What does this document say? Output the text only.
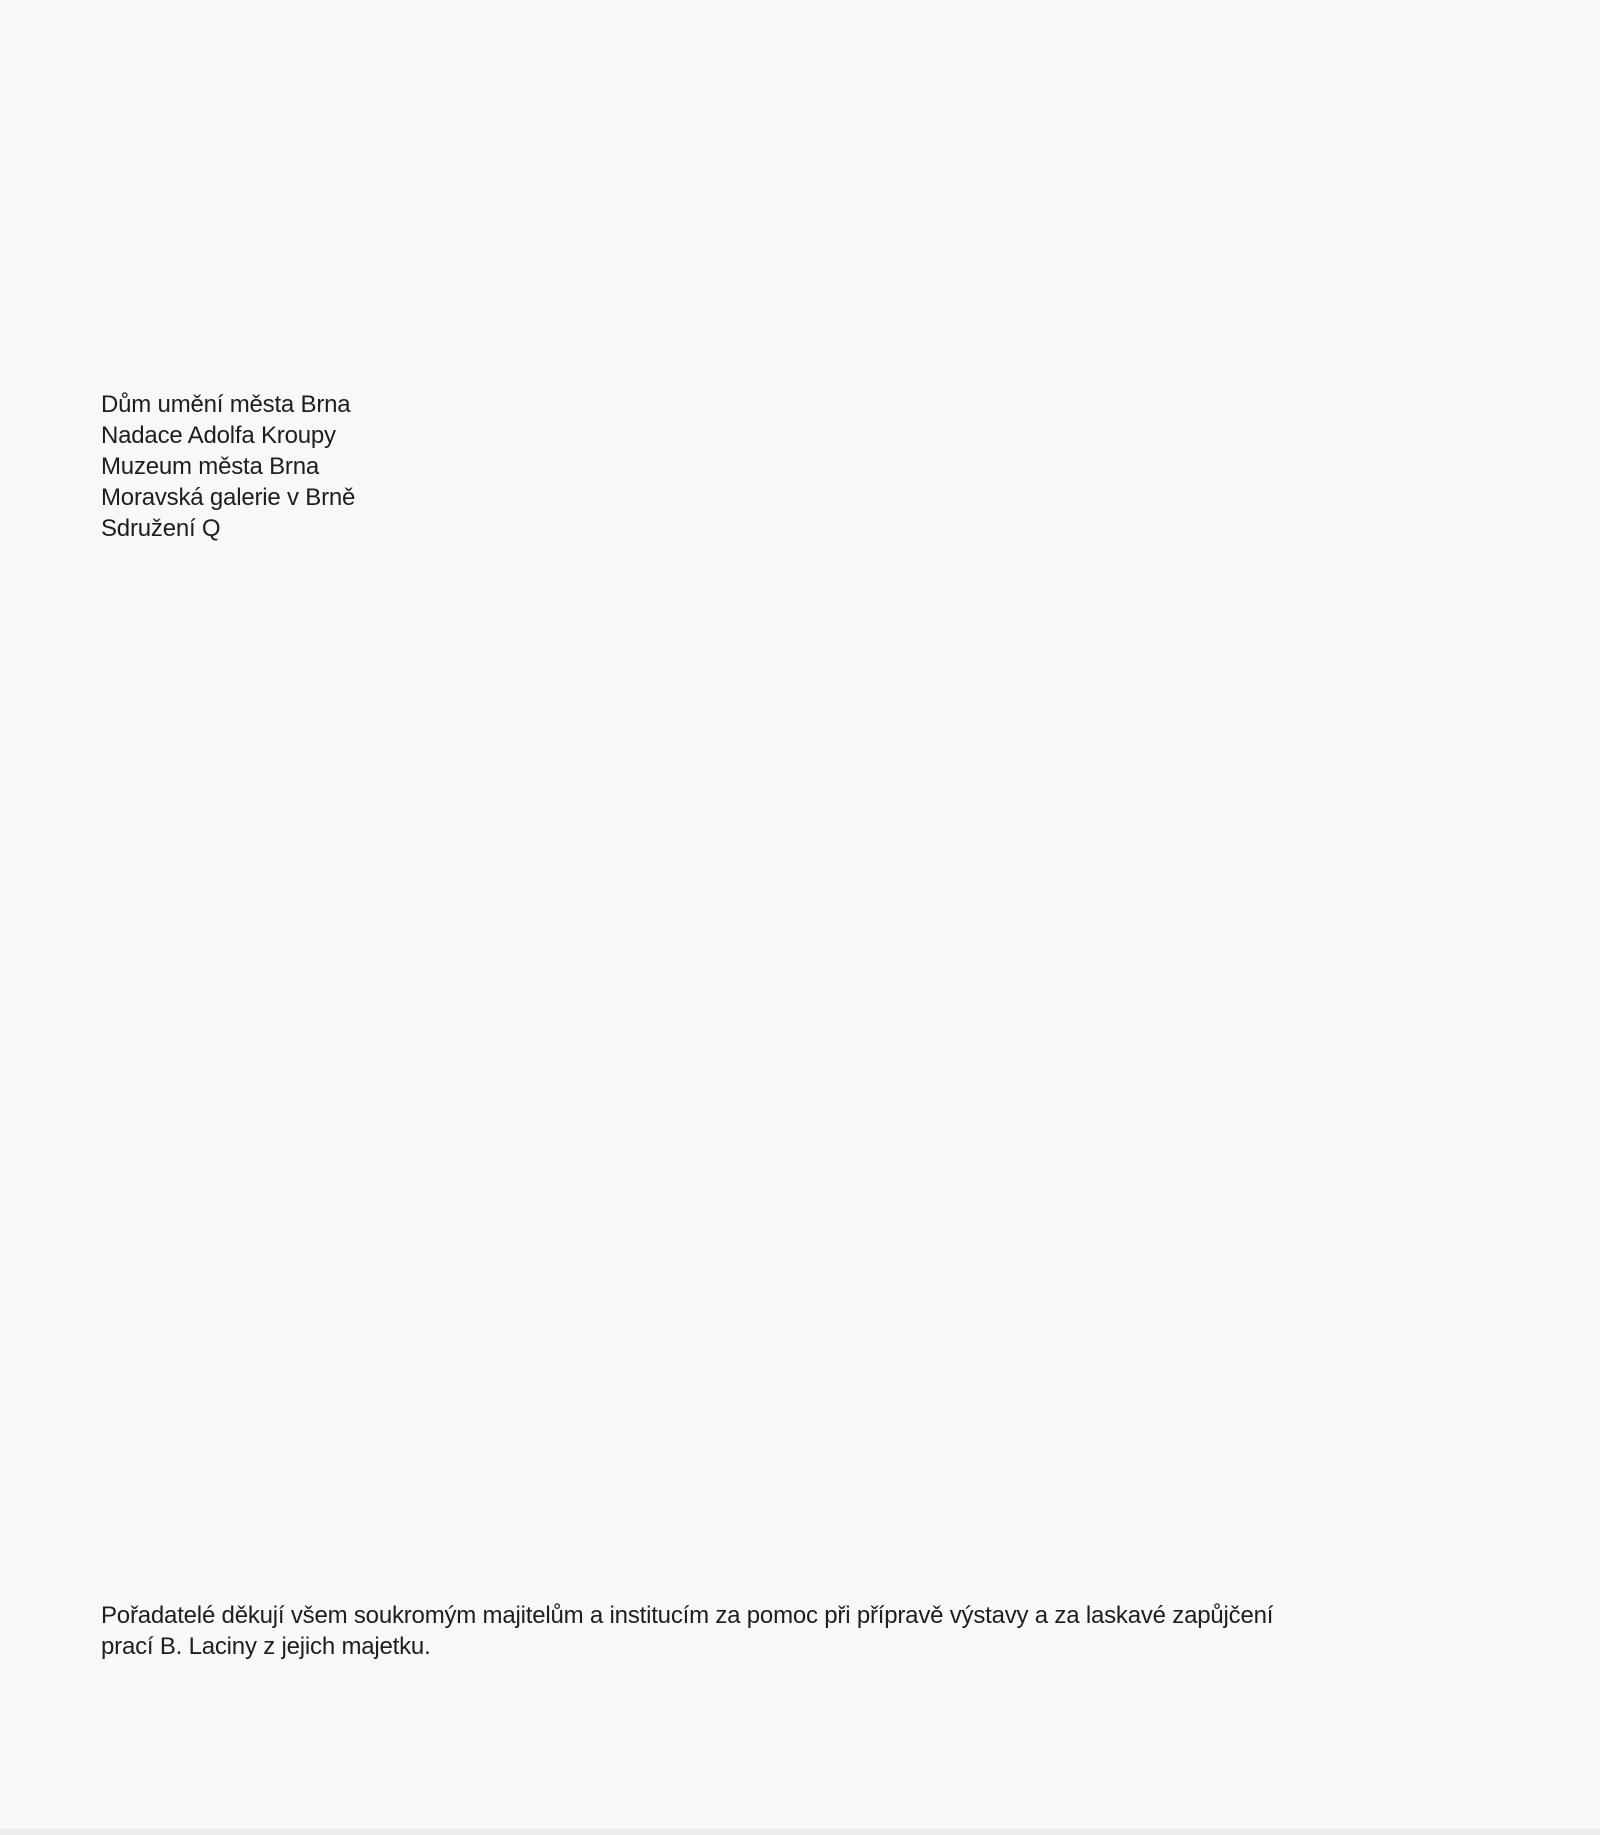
Dům umění města Brna
Nadace Adolfa Kroupy
Muzeum města Brna
Moravská galerie v Brně
Sdružení Q

Pořadatelé děkují všem soukromým majitelům a institucím za pomoc při přípravě výstavy a za laskavé zapůjčení
prací B. Laciny z jejich majetku.
